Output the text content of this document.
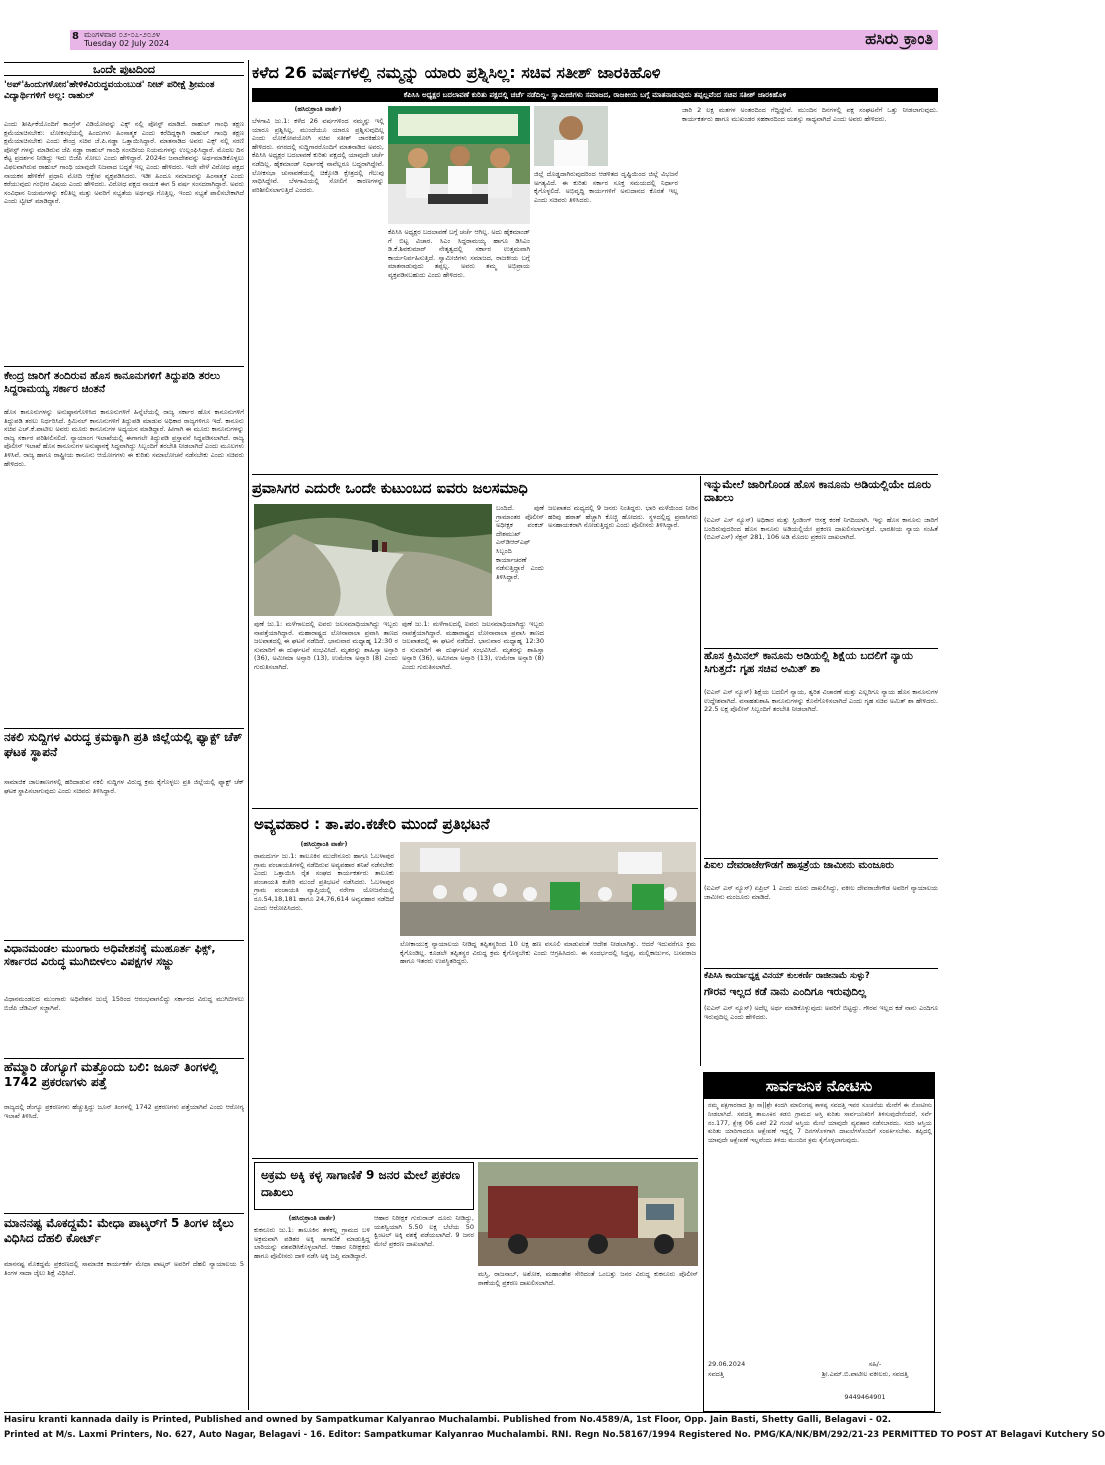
8 ಮಂಗಳವಾರ ೦೨-೦೭-೨೦೨೪
Tuesday 02 July 2024	ಹಸಿರು ಕ್ರಾಂತಿ
ಒಂದೇ ಪುಟದಿಂದ
'ಅಪ್'ಹಿಂದುಗಳೋನ'ಹೇಳಿಕೆವಿರುದ್ಧವಯಂಬುಡ' ನೀಟ್ ಪರೀಕ್ಷೆ ಶ್ರೀಮಂತ ವಿದ್ಯಾರ್ಥಿಗಳಿಗೆ ಅಲ್ಲ: ರಾಹುಲ್
ಎಂದು ಶೀರ್ಷಿಕೆಯೊಂದಿಗೆ ಕಾಂಗ್ರೆಸ್ ವಿಡಿಯೋವನ್ನು ಎಕ್ಸ್ ನಲ್ಲಿ ಪೋಸ್ಟ್ ಮಾಡಿದೆ. ರಾಹುಲ್ ಗಾಂಧಿ ತಕ್ಷಣ ಕ್ಷಮೆಯಾಚಿಸಬೇಕು: ಲೋಕಸಭೆಯಲ್ಲಿ ಹಿಂದುಗಳು ಹಿಂಸಾತ್ಮಕ ಎಂದು ಕರೆದಿದ್ದಕ್ಕಾಗಿ ರಾಹುಲ್ ಗಾಂಧಿ ತಕ್ಷಣ ಕ್ಷಮೆಯಾಚಿಸಬೇಕು ಎಂದು ಕೇಂದ್ರ ಸಚಿವ ಜೆ.ಪಿ.ನಡ್ಡಾ ಒತ್ತಾಯಿಸಿದ್ದಾರೆ. ಮಾತನಾಡಿದ ಅವರು ಎಕ್ಸ್ ನಲ್ಲಿ ಸರಣಿ ಪೋಸ್ಟ್ ಗಳನ್ನು ಮಾಡಿರುವ ಜೆಪಿ ನಡ್ಡಾ ರಾಹುಲ್ ಗಾಂಧಿ ಸಂಸದೀಯ ನಿಯಮಗಳನ್ನು ಉಲ್ಲಂಘಿಸಿದ್ದಾರೆ. ಮೊದಲ ದಿನ ಕೆಟ್ಟ ಪ್ರದರ್ಶನ ನೀಡಿದ್ದು ಇದು ಬಿಜೆಪಿ ಸೋಲು ಎಂದು ಹೇಳಿದ್ದಾರೆ. 2024ರ ಜನಾದೇಶವನ್ನು ಅರ್ಥಮಾಡಿಕೊಳ್ಳಲು ವಿಫಲವಾಗಿರುವ ರಾಹುಲ್ ಗಾಂಧಿ ಯಾವುದೇ ನಿಜವಾದ ಬದ್ಧತೆ ಇಲ್ಲ ಎಂದು ಹೇಳಿದರು. ಇದೇ ವೇಳೆ ವಿರೋಧ ಪಕ್ಷದ ನಾಯಕನ ಹೇಳಿಕೆಗೆ ಪ್ರಧಾನಿ ಮೋದಿ ಆಕ್ಷೇಪ ವ್ಯಕ್ತಪಡಿಸಿದರು. ಇಡೀ ಹಿಂದೂ ಸಮಾಜವನ್ನು ಹಿಂಸಾತ್ಮಕ ಎಂದು ಕರೆಯುವುದು ಗಂಭೀರ ವಿಷಯ ಎಂದು ಹೇಳಿದರು. ವಿರೋಧ ಪಕ್ಷದ ನಾಯಕ ಈಗ 5 ವರ್ಷ ಸಂಸದರಾಗಿದ್ದಾರೆ. ಅವರು ಸಂವಿಧಾನ ನಿಯಮಗಳನ್ನು ಕಲಿತಿಲ್ಲ ಮತ್ತು ಅವರಿಗೆ ಸಭ್ಯತೆಯ ಅರ್ಥವೂ ಗೊತ್ತಿಲ್ಲ. ಇಂದು ಸಭ್ಯತೆ ಪಾಲಿಸಬೇಕಾಗಿದೆ ಎಂದು ಟ್ವೀಟ್ ಮಾಡಿದ್ದಾರೆ.
ಕೇಂದ್ರ ಜಾರಿಗೆ ತಂದಿರುವ ಹೊಸ ಕಾನೂನುಗಳಿಗೆ ತಿದ್ದುಪಡಿ ತರಲು ಸಿದ್ದರಾಮಯ್ಯ ಸರ್ಕಾರ ಚಿಂತನೆ
ಹೊಸ ಕಾನೂನುಗಳನ್ನು ಅನುಷ್ಠಾನಗೊಳಿಸಿದ ಕಾನೂನುಗಳಿಗೆ ಹಿನ್ನೆಲೆಯಲ್ಲಿ ರಾಜ್ಯ ಸರ್ಕಾರ ಹೊಸ ಕಾನೂನುಗಳಿಗೆ ತಿದ್ದುಪಡಿ ತರಲು ನಿರ್ಧರಿಸಿದೆ. ಕ್ರಿಮಿನಲ್ ಕಾನೂನುಗಳಿಗೆ ತಿದ್ದುಪಡಿ ಮಾಡುವ ಅಧಿಕಾರ ರಾಜ್ಯಗಳಿಗೂ ಇದೆ. ಕಾನೂನು ಸಚಿವ ಎಚ್.ಕೆ.ಪಾಟೀಲ ಅವರು ಮೂರು ಕಾನೂನುಗಳ ಅಧ್ಯಯನ ಮಾಡಿದ್ದಾರೆ. ಹೀಗಾಗಿ ಈ ಮೂರು ಕಾನೂನುಗಳನ್ನು ರಾಜ್ಯ ಸರ್ಕಾರ ಪರಿಶೀಲಿಸಲಿದೆ. ನ್ಯಾಯಾಂಗ ಇಲಾಖೆಯಲ್ಲಿ ಈಗಾಗಲೇ ತಿದ್ದುಪಡಿ ಪ್ರಸ್ತಾವನೆ ಸಿದ್ಧಪಡಿಸಲಾಗಿದೆ. ರಾಜ್ಯ ಪೊಲೀಸ್ ಇಲಾಖೆ ಹೊಸ ಕಾನೂನುಗಳ ಅನುಷ್ಠಾನಕ್ಕೆ ಸಿದ್ಧವಾಗಿದ್ದು ಸಿಬ್ಬಂದಿಗೆ ತರಬೇತಿ ನೀಡಲಾಗಿದೆ ಎಂದು ಮೂಲಗಳು ತಿಳಿಸಿವೆ. ರಾಜ್ಯ ಹಾಗೂ ರಾಷ್ಟ್ರೀಯ ಕಾನೂನು ಆಯೋಗಗಳು ಈ ಕುರಿತು ಸಮಾಲೋಚನೆ ನಡೆಸಬೇಕು ಎಂದು ಸಚಿವರು ಹೇಳಿದರು.
ನಕಲಿ ಸುದ್ದಿಗಳ ವಿರುದ್ಧ ಕ್ರಮಕ್ಕಾಗಿ ಪ್ರತಿ ಜಿಲ್ಲೆಯಲ್ಲಿ ಫ್ಯಾಕ್ಟ್ ಚೆಕ್ ಘಟಕ ಸ್ಥಾಪನೆ
ಸಾಮಾಜಿಕ ಜಾಲತಾಣಗಳಲ್ಲಿ ಹರಿದಾಡುವ ನಕಲಿ ಸುದ್ದಿಗಳ ವಿರುದ್ಧ ಕ್ರಮ ಕೈಗೊಳ್ಳಲು ಪ್ರತಿ ಜಿಲ್ಲೆಯಲ್ಲಿ ಫ್ಯಾಕ್ಟ್ ಚೆಕ್ ಘಟಕ ಸ್ಥಾಪಿಸಲಾಗುವುದು ಎಂದು ಸಚಿವರು ತಿಳಿಸಿದ್ದಾರೆ.
ವಿಧಾನಮಂಡಲ ಮುಂಗಾರು ಅಧಿವೇಶನಕ್ಕೆ ಮುಹೂರ್ತ ಫಿಕ್ಸ್, ಸರ್ಕಾರದ ವಿರುದ್ಧ ಮುಗಿಬೀಳಲು ವಿಪಕ್ಷಗಳ ಸಜ್ಜು
ವಿಧಾನಮಂಡಲದ ಮುಂಗಾರು ಅಧಿವೇಶನ ಜುಲೈ 15ರಿಂದ ಆರಂಭವಾಗಲಿದ್ದು ಸರ್ಕಾರದ ವಿರುದ್ಧ ಮುಗಿಬೀಳಲು ಬಿಜೆಪಿ ಜೆಡಿಎಸ್ ಸಜ್ಜಾಗಿವೆ.
ಹೆಮ್ಮಾರಿ ಡೆಂಗ್ಯೂಗೆ ಮತ್ತೊಂದು ಬಲಿ: ಜೂನ್ ತಿಂಗಳಲ್ಲಿ 1742 ಪ್ರಕರಣಗಳು ಪತ್ತೆ
ರಾಜ್ಯದಲ್ಲಿ ಡೆಂಗ್ಯೂ ಪ್ರಕರಣಗಳು ಹೆಚ್ಚುತ್ತಿದ್ದು ಜೂನ್ ತಿಂಗಳಲ್ಲಿ 1742 ಪ್ರಕರಣಗಳು ಪತ್ತೆಯಾಗಿವೆ ಎಂದು ಆರೋಗ್ಯ ಇಲಾಖೆ ತಿಳಿಸಿದೆ.
ಮಾನನಷ್ಟ ಮೊಕದ್ದಮೆ: ಮೇಧಾ ಪಾಟ್ಕರ್‌ಗೆ 5 ತಿಂಗಳ ಜೈಲು ವಿಧಿಸಿದ ದೆಹಲಿ ಕೋರ್ಟ್
ಮಾನನಷ್ಟ ಮೊಕದ್ದಮೆ ಪ್ರಕರಣದಲ್ಲಿ ಸಾಮಾಜಿಕ ಕಾರ್ಯಕರ್ತೆ ಮೇಧಾ ಪಾಟ್ಕರ್ ಅವರಿಗೆ ದೆಹಲಿ ನ್ಯಾಯಾಲಯ 5 ತಿಂಗಳ ಸಾದಾ ಜೈಲು ಶಿಕ್ಷೆ ವಿಧಿಸಿದೆ.
ಕಳೆದ 26 ವರ್ಷಗಳಲ್ಲಿ ನಮ್ಮನ್ನು ಯಾರು ಪ್ರಶ್ನಿಸಿಲ್ಲ: ಸಚಿವ ಸತೀಶ್ ಜಾರಕಿಹೊಳಿ
ಕೆಪಿಸಿಸಿ ಅಧ್ಯಕ್ಷರ ಬದಲಾವಣೆ ಕುರಿತು ಪಕ್ಷದಲ್ಲಿ ಚರ್ಚೆ ನಡೆದಿಲ್ಲ- ಸ್ವಾಮೀಜಿಗಳು ಸಮಾಜದ, ರಾಜಕೀಯ ಬಗ್ಗೆ ಮಾತನಾಡುವುದು ತಪ್ಪಲ್ಲವೆಂದ ಸಚಿವ ಸತೀಶ್ ಜಾರಕಿಹೊಳಿ
(ಹಸಿರುಕ್ರಾಂತಿ ವಾರ್ತೆ)
ಬೆಳಗಾವಿ ಜು.1: ಕಳೆದ 26 ವರ್ಷಗಳಿಂದ ನಮ್ಮನ್ನು ಇಲ್ಲಿ ಯಾರೂ ಪ್ರಶ್ನಿಸಿಲ್ಲ, ಮುಂದೆಯೂ ಯಾರೂ ಪ್ರಶ್ನಿಸುವುದಿಲ್ಲ ಎಂದು ಲೋಕೋಪಯೋಗಿ ಸಚಿವ ಸತೀಶ್ ಜಾರಕಿಹೊಳಿ ಹೇಳಿದರು. ನಗರದಲ್ಲಿ ಸುದ್ದಿಗಾರರೊಂದಿಗೆ ಮಾತನಾಡಿದ ಅವರು, ಕೆಪಿಸಿಸಿ ಅಧ್ಯಕ್ಷರ ಬದಲಾವಣೆ ಕುರಿತು ಪಕ್ಷದಲ್ಲಿ ಯಾವುದೇ ಚರ್ಚೆ ನಡೆದಿಲ್ಲ. ಹೈಕಮಾಂಡ್ ನಿರ್ಧಾರಕ್ಕೆ ನಾವೆಲ್ಲರೂ ಬದ್ಧರಾಗಿದ್ದೇವೆ. ಲೋಕಸಭಾ ಚುನಾವಣೆಯಲ್ಲಿ ಚಿಕ್ಕೋಡಿ ಕ್ಷೇತ್ರದಲ್ಲಿ ಗೆಲುವು ಸಾಧಿಸಿದ್ದೇವೆ. ಬೆಳಗಾವಿಯಲ್ಲಿ ಸೋಲಿಗೆ ಕಾರಣಗಳನ್ನು ಪರಿಶೀಲಿಸಲಾಗುತ್ತಿದೆ ಎಂದರು.
ಕೆಪಿಸಿಸಿ ಅಧ್ಯಕ್ಷರ ಬದಲಾವಣೆ ಬಗ್ಗೆ ಚರ್ಚೆ ಆಗಿಲ್ಲ. ಅದು ಹೈಕಮಾಂಡ್ ಗೆ ಬಿಟ್ಟ ವಿಚಾರ. ಸಿಎಂ ಸಿದ್ದರಾಮಯ್ಯ ಹಾಗೂ ಡಿಸಿಎಂ ಡಿ.ಕೆ.ಶಿವಕುಮಾರ್ ನೇತೃತ್ವದಲ್ಲಿ ಸರ್ಕಾರ ಉತ್ತಮವಾಗಿ ಕಾರ್ಯನಿರ್ವಹಿಸುತ್ತಿದೆ. ಸ್ವಾಮೀಜಿಗಳು ಸಮಾಜದ, ರಾಜಕೀಯ ಬಗ್ಗೆ ಮಾತನಾಡುವುದು ತಪ್ಪಲ್ಲ. ಅವರು ತಮ್ಮ ಅಭಿಪ್ರಾಯ ವ್ಯಕ್ತಪಡಿಸಬಹುದು ಎಂದು ಹೇಳಿದರು.
ಜಿಲ್ಲೆ ದೊಡ್ಡದಾಗಿರುವುದರಿಂದ ಆಡಳಿತದ ದೃಷ್ಟಿಯಿಂದ ಜಿಲ್ಲೆ ವಿಭಜನೆ ಅಗತ್ಯವಿದೆ. ಈ ಕುರಿತು ಸರ್ಕಾರ ಸೂಕ್ತ ಸಮಯದಲ್ಲಿ ನಿರ್ಧಾರ ಕೈಗೊಳ್ಳಲಿದೆ. ಅಭಿವೃದ್ಧಿ ಕಾರ್ಯಗಳಿಗೆ ಅನುದಾನದ ಕೊರತೆ ಇಲ್ಲ ಎಂದು ಸಚಿವರು ತಿಳಿಸಿದರು.
ಜಾರಿ 2 ಲಕ್ಷ ಮತಗಳ ಅಂತರದಿಂದ ಗೆದ್ದಿದ್ದೇವೆ. ಮುಂದಿನ ದಿನಗಳಲ್ಲಿ ಪಕ್ಷ ಸಂಘಟನೆಗೆ ಒತ್ತು ನೀಡಲಾಗುವುದು. ಕಾರ್ಯಕರ್ತರು ಹಾಗೂ ಮುಖಂಡರ ಸಹಕಾರದಿಂದ ಯಶಸ್ಸು ಸಾಧ್ಯವಾಗಿದೆ ಎಂದು ಅವರು ಹೇಳಿದರು.
ಪ್ರವಾಸಿಗರ ಎದುರೇ ಒಂದೇ ಕುಟುಂಬದ ಐವರು ಜಲಸಮಾಧಿ
ಬಂದಿದೆ. ಪುಣೆ ಗ್ರಾಮಾಂತರ ಪೊಲೀಸ್ ಅಧೀಕ್ಷಕ ಪಂಕಜ್ ದೇಶಮುಖ್ ಎನ್‌ಡಿಆರ್‌ಎಫ್ ಸಿಬ್ಬಂದಿ ಕಾರ್ಯಾಚರಣೆ ನಡೆಸುತ್ತಿದ್ದಾರೆ ಎಂದು ತಿಳಿಸಿದ್ದಾರೆ.
ಪುಣೆ ಜು.1: ಮಳೆಗಾಲದಲ್ಲಿ ಐವರು ಜಲಸಮಾಧಿಯಾಗಿದ್ದು ಇಬ್ಬರು ನಾಪತ್ತೆಯಾಗಿದ್ದಾರೆ. ಮಹಾರಾಷ್ಟ್ರದ ಲೋನಾವಾಲಾ ಪ್ರವಾಸಿ ತಾಣದ ಜಲಪಾತದಲ್ಲಿ ಈ ಘಟನೆ ನಡೆದಿದೆ. ಭಾನುವಾರ ಮಧ್ಯಾಹ್ನ 12:30 ರ ಸುಮಾರಿಗೆ ಈ ದುರ್ಘಟನೆ ಸಂಭವಿಸಿದೆ. ಮೃತರನ್ನು ಶಾಹಿಸ್ತಾ ಅನ್ಸಾರಿ (36), ಅಮೀಮಾ ಅನ್ಸಾರಿ (13), ಉಮೇರಾ ಅನ್ಸಾರಿ (8) ಎಂದು ಗುರುತಿಸಲಾಗಿದೆ.
ಜಲಪಾತದ ಮಧ್ಯದಲ್ಲಿ 9 ಜನರು ನಿಂತಿದ್ದರು. ಭಾರಿ ಮಳೆಯಿಂದ ನೀರಿನ ಹರಿವು ಹಠಾತ್ ಹೆಚ್ಚಾಗಿ ಕೊಚ್ಚಿ ಹೋದರು. ಸ್ಥಳದಲ್ಲಿದ್ದ ಪ್ರವಾಸಿಗರು ಅಸಹಾಯಕರಾಗಿ ನೋಡುತ್ತಿದ್ದರು ಎಂದು ಪೊಲೀಸರು ತಿಳಿಸಿದ್ದಾರೆ.
ಪುಣೆ ಜು.1: ಮಳೆಗಾಲದಲ್ಲಿ ಐವರು ಜಲಸಮಾಧಿಯಾಗಿದ್ದು ಇಬ್ಬರು ನಾಪತ್ತೆಯಾಗಿದ್ದಾರೆ. ಮಹಾರಾಷ್ಟ್ರದ ಲೋನಾವಾಲಾ ಪ್ರವಾಸಿ ತಾಣದ ಜಲಪಾತದಲ್ಲಿ ಈ ಘಟನೆ ನಡೆದಿದೆ. ಭಾನುವಾರ ಮಧ್ಯಾಹ್ನ 12:30 ರ ಸುಮಾರಿಗೆ ಈ ದುರ್ಘಟನೆ ಸಂಭವಿಸಿದೆ. ಮೃತರನ್ನು ಶಾಹಿಸ್ತಾ ಅನ್ಸಾರಿ (36), ಅಮೀಮಾ ಅನ್ಸಾರಿ (13), ಉಮೇರಾ ಅನ್ಸಾರಿ (8) ಎಂದು ಗುರುತಿಸಲಾಗಿದೆ.
ಅವ್ಯವಹಾರ : ತಾ.ಪಂ.ಕಚೇರಿ ಮುಂದೆ ಪ್ರತಿಭಟನೆ
(ಹಸಿರುಕ್ರಾಂತಿ ವಾರ್ತೆ)
ರಾಮದುರ್ಗ ಜು.1: ತಾಲೂಕಿನ ಮುದೇನೂರು ಹಾಗೂ ಓಬಳಾಪುರ ಗ್ರಾಮ ಪಂಚಾಯತಿಗಳಲ್ಲಿ ನಡೆದಿರುವ ಅವ್ಯವಹಾರ ತನಿಖೆ ನಡೆಸಬೇಕು ಎಂದು ಒತ್ತಾಯಿಸಿ ರೈತ ಸಂಘದ ಕಾರ್ಯಕರ್ತರು ತಾಲೂಕು ಪಂಚಾಯತಿ ಕಚೇರಿ ಮುಂದೆ ಪ್ರತಿಭಟನೆ ನಡೆಸಿದರು. ಓಬಳಾಪುರ ಗ್ರಾಮ ಪಂಚಾಯತಿ ವ್ಯಾಪ್ತಿಯಲ್ಲಿ ನರೇಗಾ ಯೋಜನೆಯಲ್ಲಿ ರೂ.54,18,181 ಹಾಗೂ 24,76,614 ಅವ್ಯವಹಾರ ನಡೆದಿದೆ ಎಂದು ಆರೋಪಿಸಿದರು.
ಲೋಕಾಯುಕ್ತ ನ್ಯಾಯಾಲಯ ನೀಡಿದ್ದ ತಪ್ಪಿತಸ್ಥರಿಂದ 10 ಲಕ್ಷ ಹಣ ವಸೂಲಿ ಮಾಡುವಂತೆ ಆದೇಶ ನೀಡಲಾಗಿತ್ತು. ಆದರೆ ಇದುವರೆಗೂ ಕ್ರಮ ಕೈಗೊಂಡಿಲ್ಲ. ಕೂಡಲೇ ತಪ್ಪಿತಸ್ಥರ ವಿರುದ್ಧ ಕ್ರಮ ಕೈಗೊಳ್ಳಬೇಕು ಎಂದು ಆಗ್ರಹಿಸಿದರು. ಈ ಸಂದರ್ಭದಲ್ಲಿ ಸಿದ್ದಪ್ಪ, ಮಲ್ಲಿಕಾರ್ಜುನ, ಬಸವರಾಜ ಹಾಗೂ ಇತರರು ಉಪಸ್ಥಿತರಿದ್ದರು.
ಅಕ್ರಮ ಅಕ್ಕಿ ಕಳ್ಳ ಸಾಗಾಣಿಕೆ 9 ಜನರ ಮೇಲೆ ಪ್ರಕರಣ ದಾಖಲು
(ಹಸಿರುಕ್ರಾಂತಿ ವಾರ್ತೆ)
ಕುಕನೂರು ಜು.1: ತಾಲೂಕಿನ ತಳಕಲ್ಲ ಗ್ರಾಮದ ಬಳಿ ಅಕ್ರಮವಾಗಿ ಪಡಿತರ ಅಕ್ಕಿ ಸಾಗಾಣಿಕೆ ಮಾಡುತ್ತಿದ್ದ ಲಾರಿಯನ್ನು ವಶಪಡಿಸಿಕೊಳ್ಳಲಾಗಿದೆ. ಆಹಾರ ನಿರೀಕ್ಷಕರು ಹಾಗೂ ಪೊಲೀಸರು ದಾಳಿ ನಡೆಸಿ ಅಕ್ಕಿ ಜಪ್ತಿ ಮಾಡಿದ್ದಾರೆ.
ಆಹಾರ ನಿರೀಕ್ಷಕ ಗುರುರಾಜ್ ದೂರು ನೀಡಿದ್ದು, ಯಶಸ್ವಿಯಾಗಿ 5.50 ಲಕ್ಷ ಬೆಲೆಯ 50 ಕ್ವಿಂಟಲ್ ಅಕ್ಕಿ ವಶಕ್ಕೆ ಪಡೆಯಲಾಗಿದೆ. 9 ಜನರ ಮೇಲೆ ಪ್ರಕರಣ ದಾಖಲಾಗಿದೆ.
ಮಸ್ತಿ, ರಾಜಸಾಬ್, ಅಶೋಕ, ಮಹಾಂತೇಶ ಸೇರಿದಂತೆ ಒಂಬತ್ತು ಜನರ ವಿರುದ್ಧ ಕುಕನೂರು ಪೊಲೀಸ್ ಠಾಣೆಯಲ್ಲಿ ಪ್ರಕರಣ ದಾಖಲಿಸಲಾಗಿದೆ.
ಇನ್ನುಮೇಲೆ ಜಾರಿಗೊಂಡ ಹೊಸ ಕಾನೂನು ಅಡಿಯಲ್ಲಿಯೇ ದೂರು ದಾಖಲು
(ಐಎನ್ ಎಸ್ ನ್ಯೂಸ್) ಅಧಿಕಾರ ಮತ್ತು ಸ್ಟಿಂಡಿಂಗ್ ಆಸಕ್ತ ಕರಣೆ ನಿಗದಿಯಾಗಿ. ಇನ್ನು ಹೊಸ ಕಾನೂನು ಜಾರಿಗೆ ಬಂದಿರುವುದರಿಂದ ಹೊಸ ಕಾನೂನು ಅಡಿಯಲ್ಲಿಯೇ ಪ್ರಕರಣ ದಾಖಲಿಸಲಾಗುತ್ತದೆ. ಭಾರತೀಯ ನ್ಯಾಯ ಸಂಹಿತೆ (ಬಿಎನ್ಎಸ್) ಸೆಕ್ಷನ್ 281, 106 ಅಡಿ ಮೊದಲ ಪ್ರಕರಣ ದಾಖಲಾಗಿದೆ.
ಹೊಸ ಕ್ರಿಮಿನಲ್ ಕಾನೂನು ಅಡಿಯಲ್ಲಿ ಶಿಕ್ಷೆಯ ಬದಲಿಗೆ ನ್ಯಾಯ ಸಿಗುತ್ತದೆ: ಗೃಹ ಸಚಿವ ಅಮಿತ್ ಶಾ
(ಐಎನ್ ಎಸ್ ನ್ಯೂಸ್) ಶಿಕ್ಷೆಯ ಬದಲಿಗೆ ನ್ಯಾಯ, ತ್ವರಿತ ವಿಚಾರಣೆ ಮತ್ತು ಎಲ್ಲರಿಗೂ ನ್ಯಾಯ ಹೊಸ ಕಾನೂನುಗಳ ಉದ್ದೇಶವಾಗಿದೆ. ವಸಾಹತುಶಾಹಿ ಕಾನೂನುಗಳನ್ನು ಕೊನೆಗೊಳಿಸಲಾಗಿದೆ ಎಂದು ಗೃಹ ಸಚಿವ ಅಮಿತ್ ಶಾ ಹೇಳಿದರು. 22.5 ಲಕ್ಷ ಪೊಲೀಸ್ ಸಿಬ್ಬಂದಿಗೆ ತರಬೇತಿ ನೀಡಲಾಗಿದೆ.
ಪಿಐಲ ದೇವರಾಜೇಗೌಡಗೆ ಹಾಸ್ಪತ್ರೆಯ ಜಾಮೀನು ಮಂಜೂರು
(ಐಎನ್ ಎಸ್ ನ್ಯೂಸ್) ಏಪ್ರಿಲ್ 1 ಎಂದು ದೂರು ದಾಖಲಿಸಿದ್ದು, ವಕೀಲ ದೇವರಾಜೇಗೌಡ ಅವರಿಗೆ ನ್ಯಾಯಾಲಯ ಜಾಮೀನು ಮಂಜೂರು ಮಾಡಿದೆ.
ಕೆಪಿಸಿಸಿ ಕಾರ್ಯಾಧ್ಯಕ್ಷ ವಿನಯ್ ಕುಲಕರ್ಣಿ ರಾಜೀನಾಮೆ ಸುಳ್ಳು?
ಗೌರವ ಇಲ್ಲದ ಕಡೆ ನಾನು ಎಂದಿಗೂ ಇರುವುದಿಲ್ಲ
(ಐಎನ್ ಎಸ್ ನ್ಯೂಸ್) ಅದೆಲ್ಲ ಅರ್ಥ ಮಾಡಿಕೊಳ್ಳುವುದು ಅವರಿಗೆ ಬಿಟ್ಟದ್ದು. ಗೌರವ ಇಲ್ಲದ ಕಡೆ ನಾನು ಎಂದಿಗೂ ಇರುವುದಿಲ್ಲ ಎಂದು ಹೇಳಿದರು.
ಸಾರ್ವಜನಿಕ ನೋಟಿಸು
ನಮ್ಮ ಪಕ್ಷಗಾರರಾದ ಶ್ರೀ ಸಾ||ಶ್ರೇ ಕಂದಗಿ ಮಾಲಿಂಗಪ್ಪ ಕಾಳಪ್ಪ ಸವದತ್ತಿ ಇವರ ಸೂಚನೆಯ ಮೇರೆಗೆ ಈ ನೋಟೀಸು ನೀಡಲಾಗಿದೆ. ಸವದತ್ತಿ ತಾಲೂಕಿನ ಕಡಬಿ ಗ್ರಾಮದ ಆಸ್ತಿ ಕುರಿತು ಸಾರ್ವಜನಿಕರಿಗೆ ತಿಳಿಸುವುದೇನೆಂದರೆ, ಸರ್ವೆ ನಂ.177, ಕ್ಷೇತ್ರ 06 ಎಕರೆ 22 ಗುಂಟೆ ಆಸ್ತಿಯ ಮೇಲೆ ಯಾವುದೇ ವ್ಯವಹಾರ ನಡೆಸಬಾರದು. ಸದರಿ ಆಸ್ತಿಯ ಕುರಿತು ಯಾರಿಗಾದರೂ ಆಕ್ಷೇಪಣೆ ಇದ್ದಲ್ಲಿ 7 ದಿನಗಳೊಳಗಾಗಿ ದಾಖಲೆಗಳೊಂದಿಗೆ ಸಂಪರ್ಕಿಸಬೇಕು. ತಪ್ಪಿದಲ್ಲಿ ಯಾವುದೇ ಆಕ್ಷೇಪಣೆ ಇಲ್ಲವೆಂದು ತಿಳಿದು ಮುಂದಿನ ಕ್ರಮ ಕೈಗೊಳ್ಳಲಾಗುವುದು.
29.06.2024
ಸವದತ್ತಿ
ಸಹಿ/-
ಶ್ರೀ.ಎಮ್.ಬಿ.ಪಾಟೀಲ ವಕೀಲರು, ಸವದತ್ತಿ
9449464901
Hasiru kranti kannada daily is Printed, Published and owned by Sampatkumar Kalyanrao Muchalambi. Published from No.4589/A, 1st Floor, Opp. Jain Basti, Shetty Galli, Belagavi - 02.
Printed at M/s. Laxmi Printers, No. 627, Auto Nagar, Belagavi - 16. Editor: Sampatkumar Kalyanrao Muchalambi. RNI. Regn No.58167/1994 Registered No. PMG/KA/NK/BM/292/21-23 PERMITTED TO POST AT Belagavi Kutchery SO
